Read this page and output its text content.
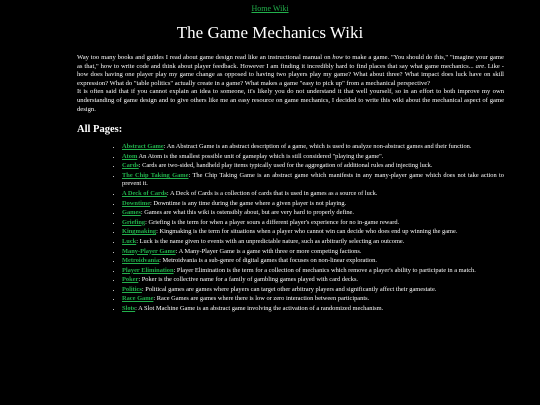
Home Wiki
The Game Mechanics Wiki

Way too many books and guides I read about game design read like an instructional manual on how to make a game. "You should do this," "imagine your game as that," how to write code and think about player feedback. However I am finding it incredibly hard to find places that say what game mechanics... are. Like - how does having one player play my game change as opposed to having two players play my game? What about three? What impact does luck have on skill expression? What do "table politics" actually create in a game? What makes a game "easy to pick up" from a mechanical perspective?

It is often said that if you cannot explain an idea to someone, it's likely you do not understand it that well yourself, so in an effort to both improve my own understanding of game design and to give others like me an easy resource on game mechanics, I decided to write this wiki about the mechanical aspect of game design.

All Pages:
• Abstract Game: An Abstract Game is an abstract description of a game, which is used to analyze non-abstract games and their function.
• Atom An Atom is the smallest possible unit of gameplay which is still considered "playing the game".
• Cards: Cards are two-sided, handheld play items typically used for the aggregation of additional rules and injecting luck.
• The Chip Taking Game: The Chip Taking Game is an abstract game which manifests in any many-player game which does not take action to prevent it.
• A Deck of Cards: A Deck of Cards is a collection of cards that is used in games as a source of luck.
• Downtime: Downtime is any time during the game where a given player is not playing.
• Games: Games are what this wiki is ostensibly about, but are very hard to properly define.
• Griefing: Griefing is the term for when a player sours a different player's experience for no in-game reward.
• Kingmaking: Kingmaking is the term for situations when a player who cannot win can decide who does end up winning the game.
• Luck: Luck is the name given to events with an unpredictable nature, such as arbitrarily selecting an outcome.
• Many-Player Game: A Many-Player Game is a game with three or more competing factions.
• Metroidvania: Metroidvania is a sub-genre of digital games that focuses on non-linear exploration.
• Player Elimination: Player Elimination is the term for a collection of mechanics which remove a player's ability to participate in a match.
• Poker: Poker is the collective name for a family of gambling games played with card decks.
• Politics: Political games are games where players can target other arbitrary players and significantly affect their gamestate.
• Race Game: Race Games are games where there is low or zero interaction between participants.
• Slots: A Slot Machine Game is an abstract game involving the activation of a randomized mechanism.
